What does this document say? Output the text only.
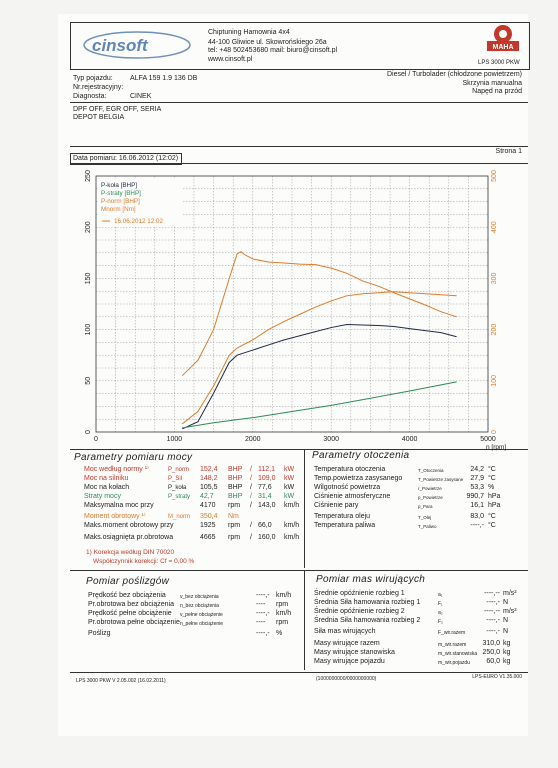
cinsoft
Chiptuning Hamownia 4x4
44-100 Gliwice ul. Skowrońskiego 26a
tel: +48 502453680 mail: biuro@cinsoft.pl
www.cinsoft.pl
MAHA
LPS 3000 PKW
Typ pojazdu: ALFA 159 1.9 136 DB
Nr.rejestracyjny:
Diagnosta:	CINEK
Diesel / Turbolader (chłodzone powietrzem)
Skrzynia manualna
Napęd na przód
DPF OFF, EGR OFF, SERIA
DEPOT BELGIA
Strona 1
Data pomiaru: 16.06.2012 (12:02)
0	1000	2000	3000	4000	5000
n [rpm]
0
50
100
150
200
250
0
100
200
300
400
500
P-koła [BHP]
P-straty [BHP]
P-norm [BHP]
Mnorm [Nm]
16.06.2012 12:02
Parametry pomiaru mocy
Moc według normy ¹⁾	P_norm 152,4 BHP / 112,1 kW
Moc na silniku	P_Sil	148,2 BHP / 109,0 kW
Moc na kołach	P_koła 105,5 BHP / 77,6 kW
Straty mocy	P_straty 42,7 BHP / 31,4 kW
Maksymalna moc przy	4170 rpm / 143,0 km/h
Moment obrotowy ¹⁾	M_norm 350,4 Nm
Maks.moment obrotowy przy	1925 rpm / 66,0 km/h
Maks.osiągnięta pr.obrotowa	4665 rpm / 160,0 km/h
1) Korekcja według DIN 70020
Współczynnik korekcji: Cf = 0,00 %
Parametry otoczenia
Temperatura otoczenia	T_Otoczenia	24,2 °C
Temp.powietrza zasysanego	T_Powietrze zasysane 27,9 °C
Wilgotność powietrza	r_Powietrze	53,3 %
Ciśnienie atmosferyczne	p_Powietrze	990,7 hPa
Ciśnienie pary	p_Para	16,1 hPa
Temperatura oleju	T_Olej	83,0 °C
Temperatura paliwa	T_Paliwo	----,- °C
Pomiar poślizgów
Prędkość bez obciążenia	v_bez obciążenia	----,- km/h
Pr.obrotowa bez obciążenia n_bez obciążenia	---- rpm
Prędkość pełne obciążenie v_pełne obciążenie	----,- km/h
Pr.obrotowa pełne obciążenie n_pełne obciążenie	---- rpm
Poślizg	----,- %
Pomiar mas wirujących
Średnie opóźnienie rozbieg 1	a₁	----,-- m/s²
Średnia Siła hamowania rozbieg 1	F₁	----,- N
Średnie opóźnienie rozbieg 2	a₂	----,-- m/s²
Średnia Siła hamowania rozbieg 2	F₂	----,- N
Siła mas wirujących	F_wir.razem	----,- N
Masy wirujące razem	m_wir.razem 310,0 kg
Masy wirujące stanowiska	m_wir.stanowiska 250,0 kg
Masy wirujące pojazdu	m_wir.pojazdu 60,0 kg
LPS 3000 PKW V 2.05.002 (16.02.2011)	(1000000000/0000000000)	LPS-EURO V1.35.000
